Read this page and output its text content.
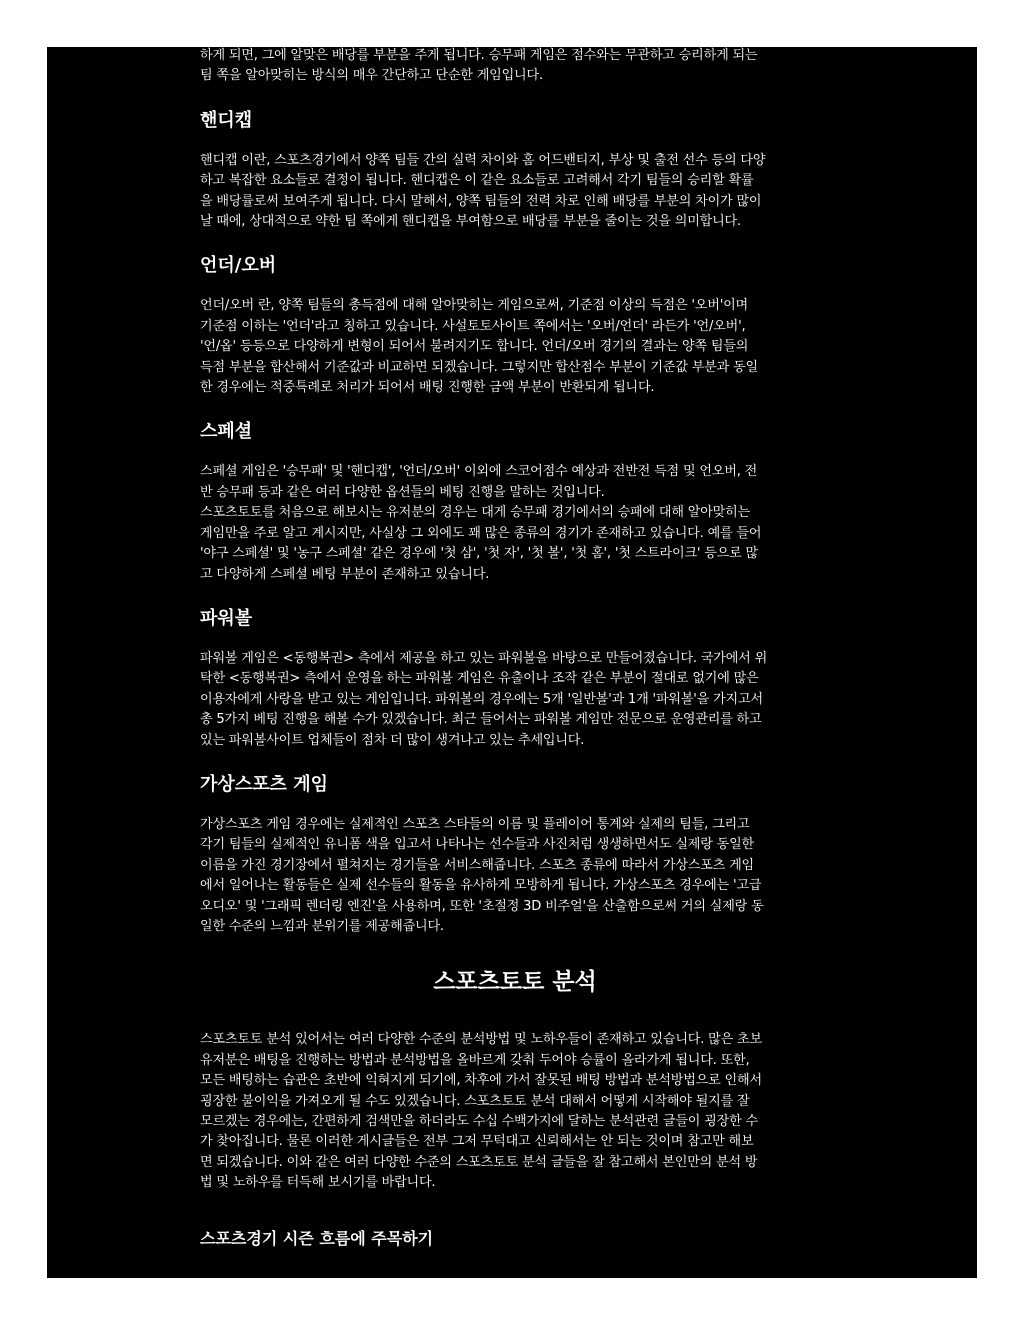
하게 되면, 그에 알맞은 배당를 부분을 주게 됩니다. 승무패 게임은 점수와는 무관하고 승리하게 되는
팀 쪽을 알아맞히는 방식의 매우 간단하고 단순한 게임입니다.

핸디캡

핸디캡 이란, 스포츠경기에서 양쪽 팀들 간의 실력 차이와 홈 어드밴티지, 부상 및 출전 선수 등의 다양
하고 복잡한 요소들로 결정이 됩니다. 핸디캡은 이 같은 요소들로 고려해서 각기 팀들의 승리할 확률
을 배당률로써 보여주게 됩니다. 다시 말해서, 양쪽 팀들의 전력 차로 인해 배당를 부분의 차이가 많이
날 때에, 상대적으로 약한 팀 쪽에게 핸디캡을 부여함으로 배당를 부분을 줄이는 것을 의미합니다.

언더/오버

언더/오버 란, 양쪽 팀들의 총득점에 대해 알아맞히는 게임으로써, 기준점 이상의 득점은 '오버'이며
기준점 이하는 '언더'라고 칭하고 있습니다. 사설토토사이트 쪽에서는 '오버/언더' 라든가 '언/오버',
'언/옵' 등등으로 다양하게 변형이 되어서 불려지기도 합니다. 언더/오버 경기의 결과는 양쪽 팀들의
득점 부분을 합산해서 기준값과 비교하면 되겠습니다. 그렇지만 합산점수 부분이 기준값 부분과 동일
한 경우에는 적중특례로 처리가 되어서 배팅 진행한 금액 부분이 반환되게 됩니다.

스페셜

스페셜 게임은 '승무패' 및 '핸디캡', '언더/오버' 이외에 스코어점수 예상과 전반전 득점 및 언오버, 전
반 승무패 등과 같은 여러 다양한 옵션들의 베팅 진행을 말하는 것입니다.
스포츠토토를 처음으로 해보시는 유저분의 경우는 대게 승무패 경기에서의 승패에 대해 알아맞히는
게임만을 주로 알고 계시지만, 사실상 그 외에도 꽤 많은 종류의 경기가 존재하고 있습니다. 예를 들어
'야구 스페셜' 및 '농구 스페셜' 같은 경우에 '첫 삼', '첫 자', '첫 볼', '첫 홈', '첫 스트라이크' 등으로 많
고 다양하게 스페셜 베팅 부분이 존재하고 있습니다.

파워볼

파워볼 게임은 <동행복권> 측에서 제공을 하고 있는 파워볼을 바탕으로 만들어졌습니다. 국가에서 위
탁한 <동행복권> 측에서 운영을 하는 파워볼 게임은 유출이나 조작 같은 부분이 절대로 없기에 많은
이용자에게 사랑을 받고 있는 게임입니다. 파워볼의 경우에는 5개 '일반볼'과 1개 '파워볼'을 가지고서
총 5가지 베팅 진행을 해볼 수가 있겠습니다. 최근 들어서는 파워볼 게임만 전문으로 운영관리를 하고
있는 파워볼사이트 업체들이 점차 더 많이 생겨나고 있는 추세입니다.

가상스포츠 게임

가상스포츠 게임 경우에는 실제적인 스포츠 스타들의 이름 및 플레이어 통계와 실제의 팀들, 그리고
각기 팀들의 실제적인 유니폼 색을 입고서 나타나는 선수들과 사진처럼 생생하면서도 실제랑 동일한
이름을 가진 경기장에서 펼쳐지는 경기들을 서비스해줍니다. 스포츠 종류에 따라서 가상스포츠 게임
에서 일어나는 활동들은 실제 선수들의 활동을 유사하게 모방하게 됩니다. 가상스포츠 경우에는 '고급
오디오' 및 '그래픽 렌더링 엔진'을 사용하며, 또한 '초절정 3D 비주얼'을 산출함으로써 거의 실제랑 동
일한 수준의 느낌과 분위기를 제공해줍니다.

스포츠토토 분석

스포츠토토 분석 있어서는 여러 다양한 수준의 분석방법 및 노하우들이 존재하고 있습니다. 많은 초보
유저분은 배팅을 진행하는 방법과 분석방법을 올바르게 갖춰 두어야 승률이 올라가게 됩니다. 또한,
모든 배팅하는 습관은 초반에 익혀지게 되기에, 차후에 가서 잘못된 배팅 방법과 분석방법으로 인해서
굉장한 불이익을 가져오게 될 수도 있겠습니다. 스포츠토토 분석 대해서 어떻게 시작해야 될지를 잘
모르겠는 경우에는, 간편하게 검색만을 하더라도 수십 수백가지에 달하는 분석관련 글들이 굉장한 수
가 찾아집니다. 물론 이러한 게시글들은 전부 그저 무턱대고 신뢰해서는 안 되는 것이며 참고만 해보
면 되겠습니다. 이와 같은 여러 다양한 수준의 스포츠토토 분석 글들을 잘 참고해서 본인만의 분석 방
법 및 노하우를 터득해 보시기를 바랍니다.

스포츠경기 시즌 흐름에 주목하기
